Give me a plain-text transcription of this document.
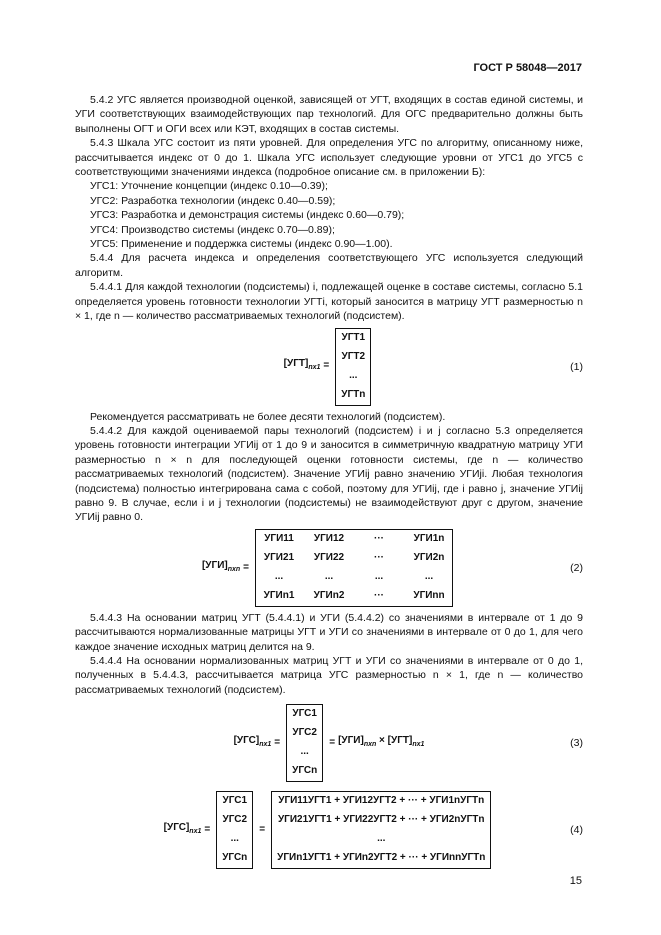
ГОСТ Р 58048—2017

5.4.2 УГС является производной оценкой, зависящей от УГТ, входящих в состав единой системы, и УГИ соответствующих взаимодействующих пар технологий. Для ОГС предварительно должны быть выполнены ОГТ и ОГИ всех или КЭТ, входящих в состав системы.

5.4.3 Шкала УГС состоит из пяти уровней. Для определения УГС по алгоритму, описанному ниже, рассчитывается индекс от 0 до 1. Шкала УГС использует следующие уровни от УГС1 до УГС5 с соответствующими значениями индекса (подробное описание см. в приложении Б):

УГС1: Уточнение концепции (индекс 0.10—0.39);
УГС2: Разработка технологии (индекс 0.40—0.59);
УГС3: Разработка и демонстрация системы (индекс 0.60—0.79);
УГС4: Производство системы (индекс 0.70—0.89);
УГС5: Применение и поддержка системы (индекс 0.90—1.00).

5.4.4 Для расчета индекса и определения соответствующего УГС используется следующий алгоритм.

5.4.4.1 Для каждой технологии (подсистемы) i, подлежащей оценке в составе системы, согласно 5.1 определяется уровень готовности технологии УГТi, который заносится в матрицу УГТ размерностью n × 1, где n — количество рассматриваемых технологий (подсистем).

$[УГТ]_{nx1}$ =
УГТ1
УГТ2
...
УГТn
(1)

Рекомендуется рассматривать не более десяти технологий (подсистем).

5.4.4.2 Для каждой оцениваемой пары технологий (подсистем) i и j согласно 5.3 определяется уровень готовности интеграции УГИij от 1 до 9 и заносится в симметричную квадратную матрицу УГИ размерностью n × n для последующей оценки готовности системы, где n — количество рассматриваемых технологий (подсистем). Значение УГИij равно значению УГИji. Любая технология (подсистема) полностью интегрирована сама с собой, поэтому для УГИij, где i равно j, значение УГИij равно 9. В случае, если i и j технологии (подсистемы) не взаимодействуют друг с другом, значение УГИij равно 0.

$[УГИ]_{nxn}$ =
УГИ11	УГИ12	···	УГИ1n
УГИ21 УГИ22	···	УГИ2n
...	...	...	...
УГИn1 УГИn2	···	УГИnn
(2)

5.4.4.3 На основании матриц УГТ (5.4.4.1) и УГИ (5.4.4.2) со значениями в интервале от 1 до 9 рассчитываются нормализованные матрицы УГТ и УГИ со значениями в интервале от 0 до 1, для чего каждое значение исходных матриц делится на 9.

5.4.4.4 На основании нормализованных матриц УГТ и УГИ со значениями в интервале от 0 до 1, полученных в 5.4.4.3, рассчитывается матрица УГС размерностью n × 1, где n — количество рассматриваемых технологий (подсистем).

$[УГС]_{nx1}$ =
УГС1
УГС2
...
УГСn
= $[УГИ]_{nxn} \times [УГТ]_{nx1}$	(3)
$[УГС]_{nx1}$ =
УГС1
УГС2
...
УГСn
=
УГИ11УГТ1 + УГИ12УГТ2 + ··· + УГИ1nУГТn
УГИ21УГТ1 + УГИ22УГТ2 + ··· + УГИ2nУГТn
...
УГИn1УГТ1 + УГИn2УГТ2 + ··· + УГИnnУГТn
(4)
15
